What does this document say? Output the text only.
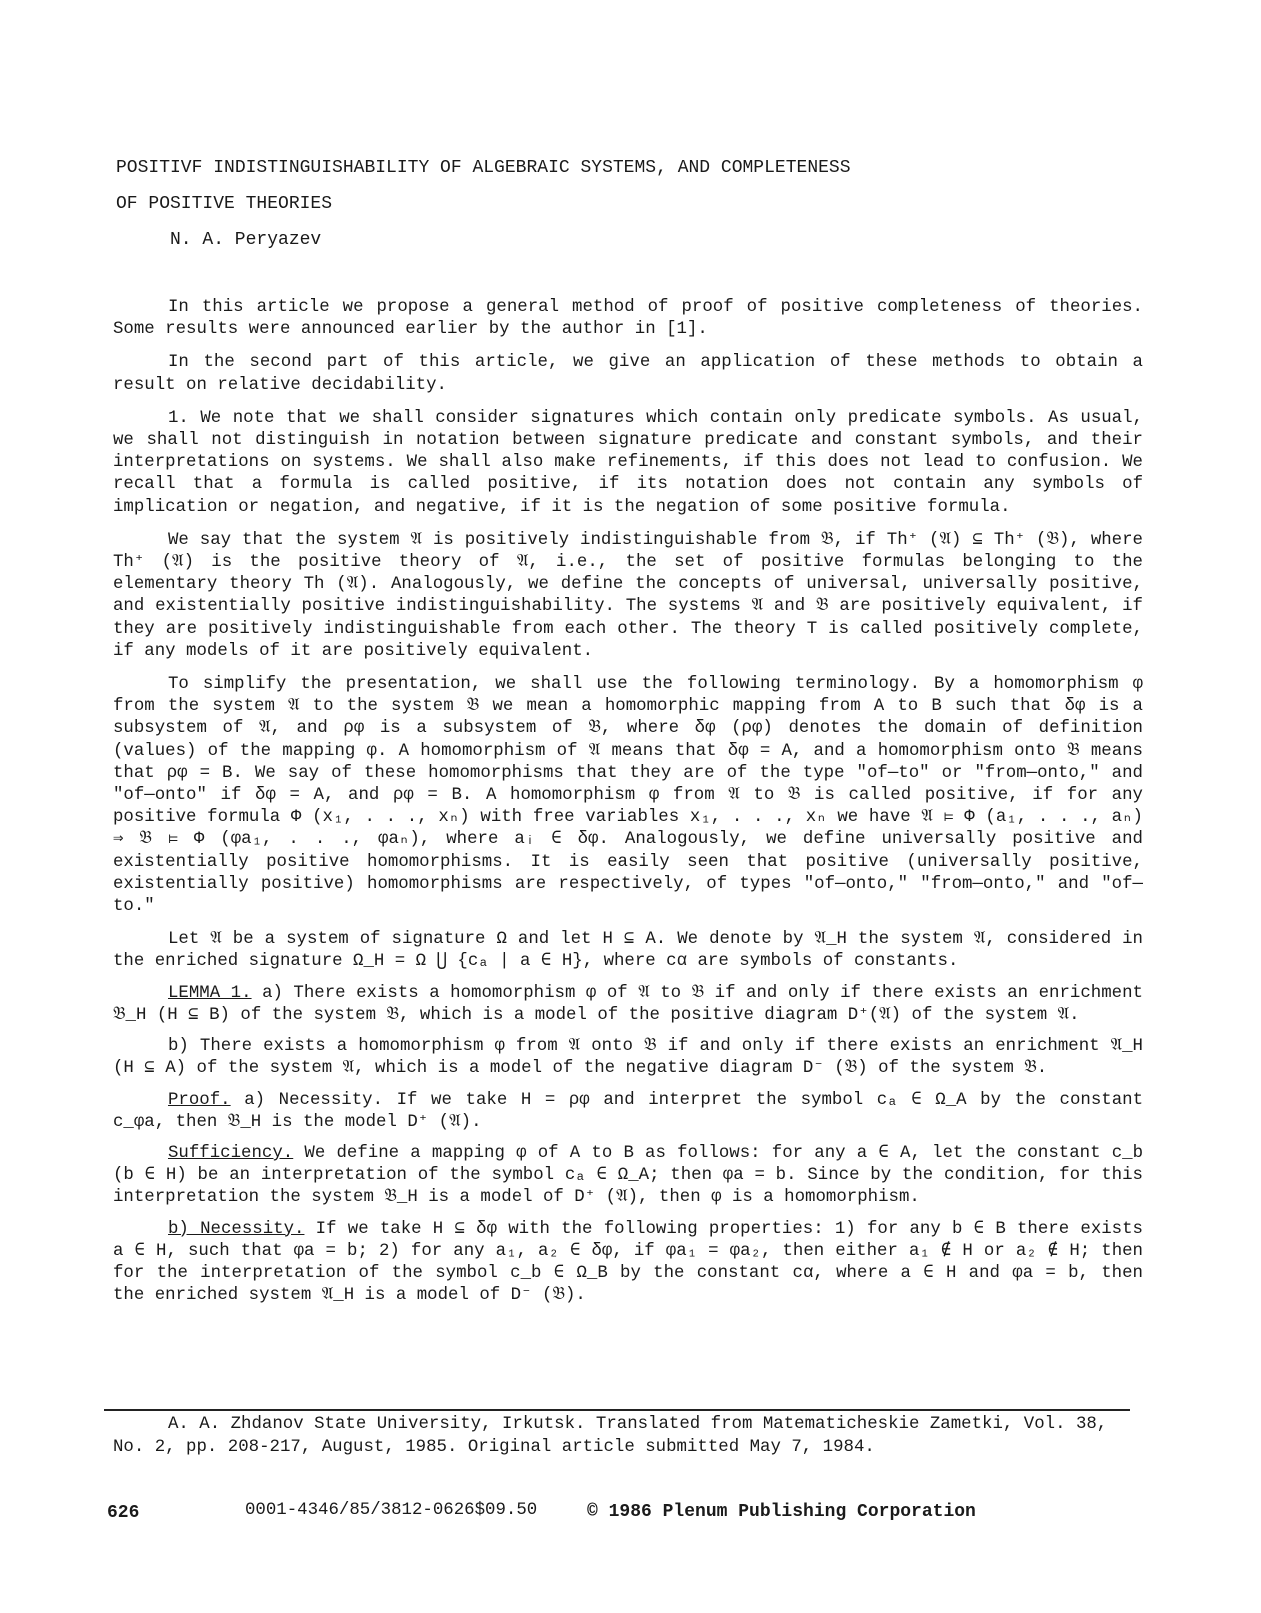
POSITIVF INDISTINGUISHABILITY OF ALGEBRAIC SYSTEMS, AND COMPLETENESS
OF POSITIVE THEORIES
N. A. Peryazev

In this article we propose a general method of proof of positive completeness of theories. Some results were announced earlier by the author in [1].

In the second part of this article, we give an application of these methods to obtain a result on relative decidability.

1. We note that we shall consider signatures which contain only predicate symbols. As usual, we shall not distinguish in notation between signature predicate and constant symbols, and their interpretations on systems. We shall also make refinements, if this does not lead to confusion. We recall that a formula is called positive, if its notation does not contain any symbols of implication or negation, and negative, if it is the negation of some positive formula.

We say that the system 𝔄 is positively indistinguishable from 𝔅, if Th⁺ (𝔄) ⊆ Th⁺ (𝔅), where Th⁺ (𝔄) is the positive theory of 𝔄, i.e., the set of positive formulas belonging to the elementary theory Th (𝔄). Analogously, we define the concepts of universal, universally positive, and existentially positive indistinguishability. The systems 𝔄 and 𝔅 are positively equivalent, if they are positively indistinguishable from each other. The theory T is called positively complete, if any models of it are positively equivalent.

To simplify the presentation, we shall use the following terminology. By a homomorphism φ from the system 𝔄 to the system 𝔅 we mean a homomorphic mapping from A to B such that δφ is a subsystem of 𝔄, and ρφ is a subsystem of 𝔅, where δφ (ρφ) denotes the domain of definition (values) of the mapping φ. A homomorphism of 𝔄 means that δφ = A, and a homomorphism onto 𝔅 means that ρφ = B. We say of these homomorphisms that they are of the type "of—to" or "from—onto," and "of—onto" if δφ = A, and ρφ = B. A homomorphism φ from 𝔄 to 𝔅 is called positive, if for any positive formula Φ (x₁, . . ., xₙ) with free variables x₁, . . ., xₙ we have 𝔄 ⊨ Φ (a₁, . . ., aₙ) ⇒ 𝔅 ⊨ Φ (φa₁, . . ., φaₙ), where aᵢ ∈ δφ. Analogously, we define universally positive and existentially positive homomorphisms. It is easily seen that positive (universally positive, existentially positive) homomorphisms are respectively, of types "of—onto," "from—onto," and "of—to."

Let 𝔄 be a system of signature Ω and let H ⊆ A. We denote by 𝔄_H the system 𝔄, considered in the enriched signature Ω_H = Ω ⋃ {cₐ | a ∈ H}, where cα are symbols of constants.

LEMMA 1. a) There exists a homomorphism φ of 𝔄 to 𝔅 if and only if there exists an enrichment 𝔅_H (H ⊆ B) of the system 𝔅, which is a model of the positive diagram D⁺(𝔄) of the system 𝔄.

b) There exists a homomorphism φ from 𝔄 onto 𝔅 if and only if there exists an enrichment 𝔄_H (H ⊆ A) of the system 𝔄, which is a model of the negative diagram D⁻ (𝔅) of the system 𝔅.

Proof. a) Necessity. If we take H = ρφ and interpret the symbol cₐ ∈ Ω_A by the constant c_φa, then 𝔅_H is the model D⁺ (𝔄).

Sufficiency. We define a mapping φ of A to B as follows: for any a ∈ A, let the constant c_b (b ∈ H) be an interpretation of the symbol cₐ ∈ Ω_A; then φa = b. Since by the condition, for this interpretation the system 𝔅_H is a model of D⁺ (𝔄), then φ is a homomorphism.

b) Necessity. If we take H ⊆ δφ with the following properties: 1) for any b ∈ B there exists a ∈ H, such that φa = b; 2) for any a₁, a₂ ∈ δφ, if φa₁ = φa₂, then either a₁ ∉ H or a₂ ∉ H; then for the interpretation of the symbol c_b ∈ Ω_B by the constant cα, where a ∈ H and φa = b, then the enriched system 𝔄_H is a model of D⁻ (𝔅).

A. A. Zhdanov State University, Irkutsk. Translated from Matematicheskie Zametki, Vol. 38, No. 2, pp. 208-217, August, 1985. Original article submitted May 7, 1984.

626	0001-4346/85/3812-0626$09.50	© 1986 Plenum Publishing Corporation
